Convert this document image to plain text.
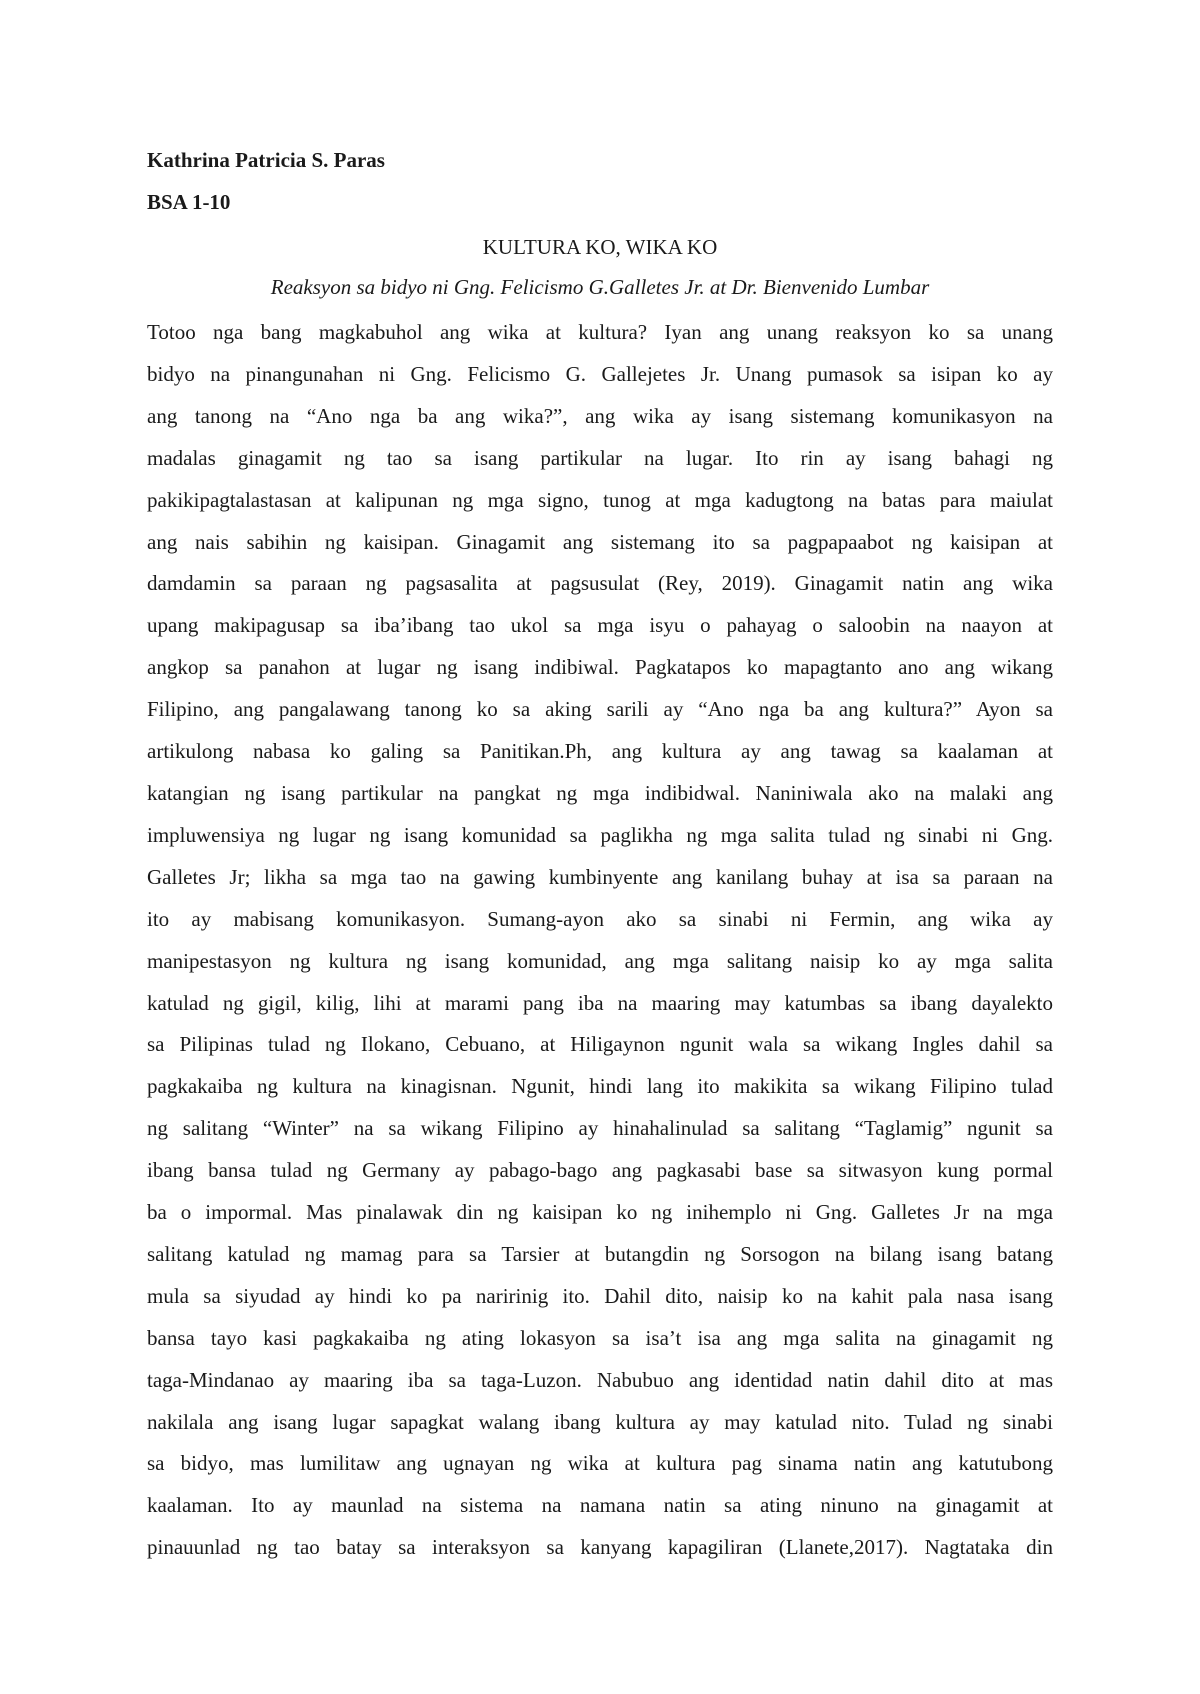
Kathrina Patricia S. Paras

BSA 1-10

KULTURA KO, WIKA KO

Reaksyon sa bidyo ni Gng. Felicismo G.Galletes Jr. at Dr. Bienvenido Lumbar

Totoo nga bang magkabuhol ang wika at kultura? Iyan ang unang reaksyon ko sa unang
bidyo na pinangunahan ni Gng. Felicismo G. Gallejetes Jr. Unang pumasok sa isipan ko ay
ang tanong na “Ano nga ba ang wika?”, ang wika ay isang sistemang komunikasyon na
madalas ginagamit ng tao sa isang partikular na lugar. Ito rin ay isang bahagi ng
pakikipagtalastasan at kalipunan ng mga signo, tunog at mga kadugtong na batas para maiulat
ang nais sabihin ng kaisipan. Ginagamit ang sistemang ito sa pagpapaabot ng kaisipan at
damdamin sa paraan ng pagsasalita at pagsusulat (Rey, 2019). Ginagamit natin ang wika
upang makipagusap sa iba’ibang tao ukol sa mga isyu o pahayag o saloobin na naayon at
angkop sa panahon at lugar ng isang indibiwal. Pagkatapos ko mapagtanto ano ang wikang
Filipino, ang pangalawang tanong ko sa aking sarili ay “Ano nga ba ang kultura?” Ayon sa
artikulong nabasa ko galing sa Panitikan.Ph, ang kultura ay ang tawag sa kaalaman at
katangian ng isang partikular na pangkat ng mga indibidwal. Naniniwala ako na malaki ang
impluwensiya ng lugar ng isang komunidad sa paglikha ng mga salita tulad ng sinabi ni Gng.
Galletes Jr; likha sa mga tao na gawing kumbinyente ang kanilang buhay at isa sa paraan na
ito ay mabisang komunikasyon. Sumang-ayon ako sa sinabi ni Fermin, ang wika ay
manipestasyon ng kultura ng isang komunidad, ang mga salitang naisip ko ay mga salita
katulad ng gigil, kilig, lihi at marami pang iba na maaring may katumbas sa ibang dayalekto
sa Pilipinas tulad ng Ilokano, Cebuano, at Hiligaynon ngunit wala sa wikang Ingles dahil sa
pagkakaiba ng kultura na kinagisnan. Ngunit, hindi lang ito makikita sa wikang Filipino tulad
ng salitang “Winter” na sa wikang Filipino ay hinahalinulad sa salitang “Taglamig” ngunit sa
ibang bansa tulad ng Germany ay pabago-bago ang pagkasabi base sa sitwasyon kung pormal
ba o impormal. Mas pinalawak din ng kaisipan ko ng inihemplo ni Gng. Galletes Jr na mga
salitang katulad ng mamag para sa Tarsier at butangdin ng Sorsogon na bilang isang batang
mula sa siyudad ay hindi ko pa naririnig ito. Dahil dito, naisip ko na kahit pala nasa isang
bansa tayo kasi pagkakaiba ng ating lokasyon sa isa’t isa ang mga salita na ginagamit ng
taga-Mindanao ay maaring iba sa taga-Luzon. Nabubuo ang identidad natin dahil dito at mas
nakilala ang isang lugar sapagkat walang ibang kultura ay may katulad nito. Tulad ng sinabi
sa bidyo, mas lumilitaw ang ugnayan ng wika at kultura pag sinama natin ang katutubong
kaalaman. Ito ay maunlad na sistema na namana natin sa ating ninuno na ginagamit at
pinauunlad ng tao batay sa interaksyon sa kanyang kapagiliran (Llanete,2017). Nagtataka din
